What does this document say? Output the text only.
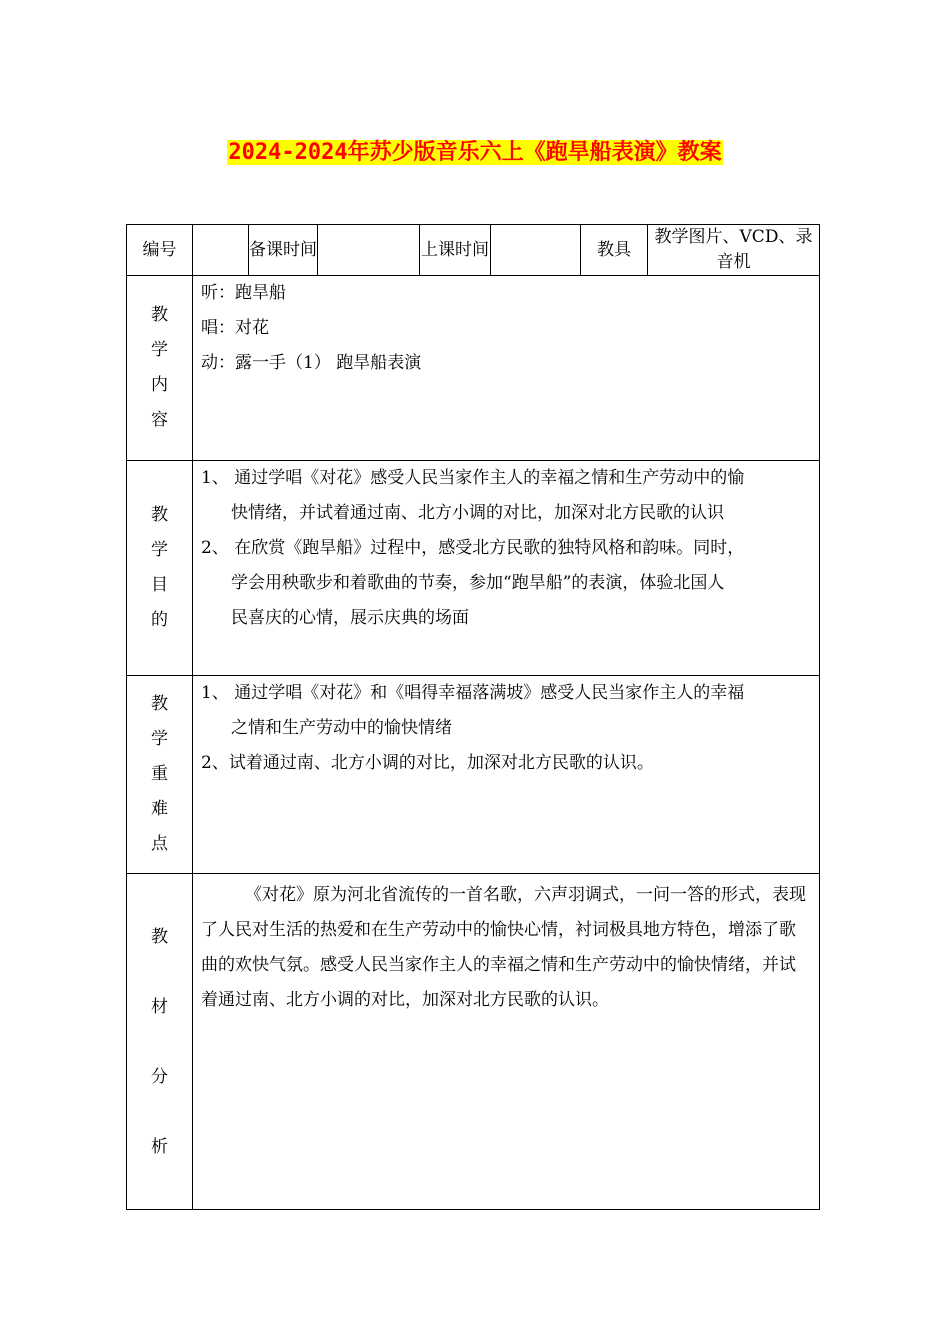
2024-2024年苏少版音乐六上《跑旱船表演》教案
编号		备课时间		上课时间		教具	教学图片、VCD、录音机

教
学
内
容	听：跑旱船
唱：对花
动：露一手（1） 跑旱船表演						

教
学
目
的	1、 通过学唱《对花》感受人民当家作主人的幸福之情和生产劳动中的愉
快情绪，并试着通过南、北方小调的对比，加深对北方民歌的认识
2、 在欣赏《跑旱船》过程中，感受北方民歌的独特风格和韵味。同时，
学会用秧歌步和着歌曲的节奏，参加“跑旱船”的表演，体验北国人
民喜庆的心情，展示庆典的场面						

教
学
重
难
点	1、 通过学唱《对花》和《唱得幸福落满坡》感受人民当家作主人的幸福
之情和生产劳动中的愉快情绪
2、试着通过南、北方小调的对比，加深对北方民歌的认识。						

教
材
分
析	《对花》原为河北省流传的一首名歌，六声羽调式，一问一答的形式，表现了人民对生活的热爱和在生产劳动中的愉快心情，衬词极具地方特色，增添了歌曲的欢快气氛。感受人民当家作主人的幸福之情和生产劳动中的愉快情绪，并试着通过南、北方小调的对比，加深对北方民歌的认识。						
